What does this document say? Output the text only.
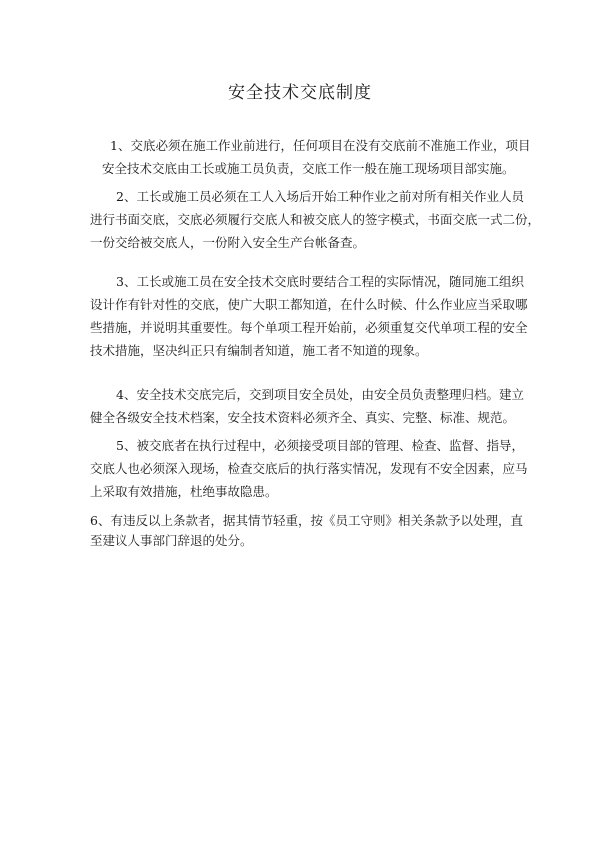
安全技术交底制度
1、交底必须在施工作业前进行，任何项目在没有交底前不准施工作业，项目
安全技术交底由工长或施工员负责，交底工作一般在施工现场项目部实施。
2、工长或施工员必须在工人入场后开始工种作业之前对所有相关作业人员
进行书面交底，交底必须履行交底人和被交底人的签字模式，书面交底一式二份，
一份交给被交底人，一份附入安全生产台帐备查。
3、工长或施工员在安全技术交底时要结合工程的实际情况，随同施工组织
设计作有针对性的交底，使广大职工都知道，在什么时候、什么作业应当采取哪
些措施，并说明其重要性。每个单项工程开始前，必须重复交代单项工程的安全
技术措施，坚决纠正只有编制者知道，施工者不知道的现象。
4、安全技术交底完后，交到项目安全员处，由安全员负责整理归档。建立
健全各级安全技术档案，安全技术资料必须齐全、真实、完整、标准、规范。
5、被交底者在执行过程中，必须接受项目部的管理、检查、监督、指导，
交底人也必须深入现场，检查交底后的执行落实情况，发现有不安全因素，应马
上采取有效措施，杜绝事故隐患。
6、有违反以上条款者，据其情节轻重，按《员工守则》相关条款予以处理，直
至建议人事部门辞退的处分。
